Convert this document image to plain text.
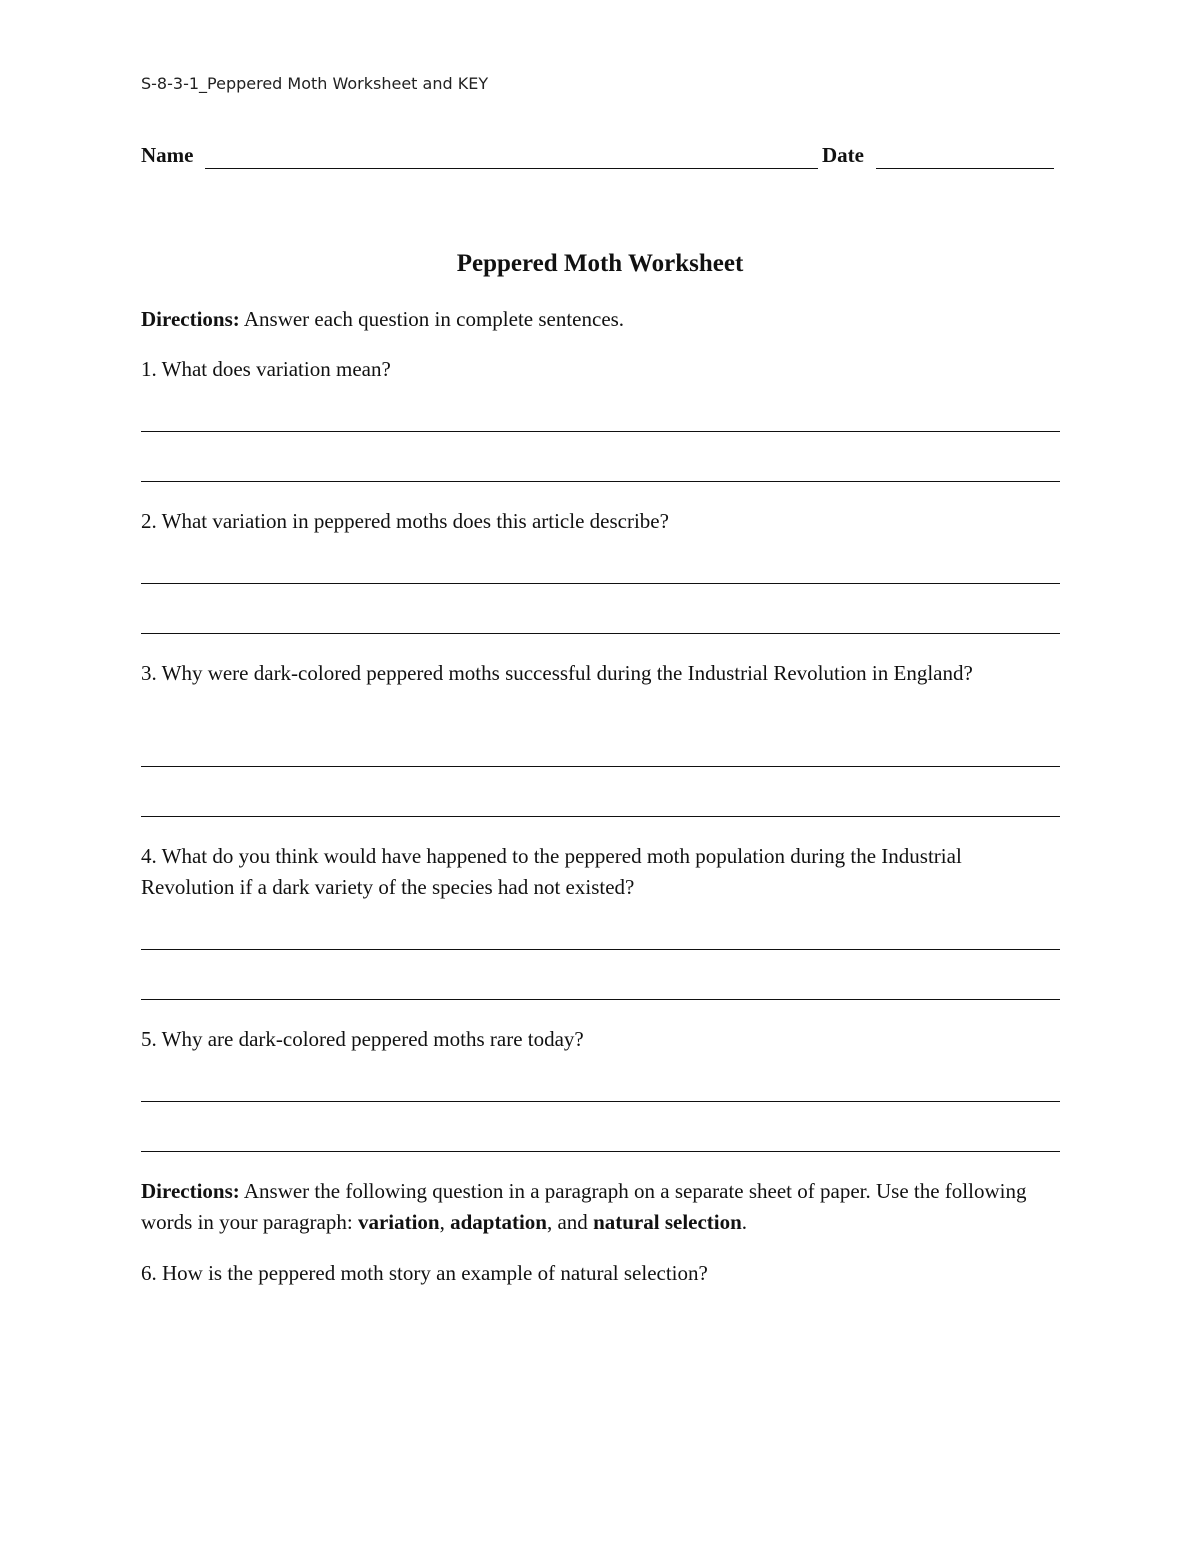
S-8-3-1_Peppered Moth Worksheet and KEY
Name	Date
Peppered Moth Worksheet
Directions: Answer each question in complete sentences.
1. What does variation mean?
2. What variation in peppered moths does this article describe?
3. Why were dark-colored peppered moths successful during the Industrial Revolution in England?
4. What do you think would have happened to the peppered moth population during the Industrial Revolution if a dark variety of the species had not existed?
5. Why are dark-colored peppered moths rare today?
Directions: Answer the following question in a paragraph on a separate sheet of paper. Use the following words in your paragraph: variation, adaptation, and natural selection.
6. How is the peppered moth story an example of natural selection?
